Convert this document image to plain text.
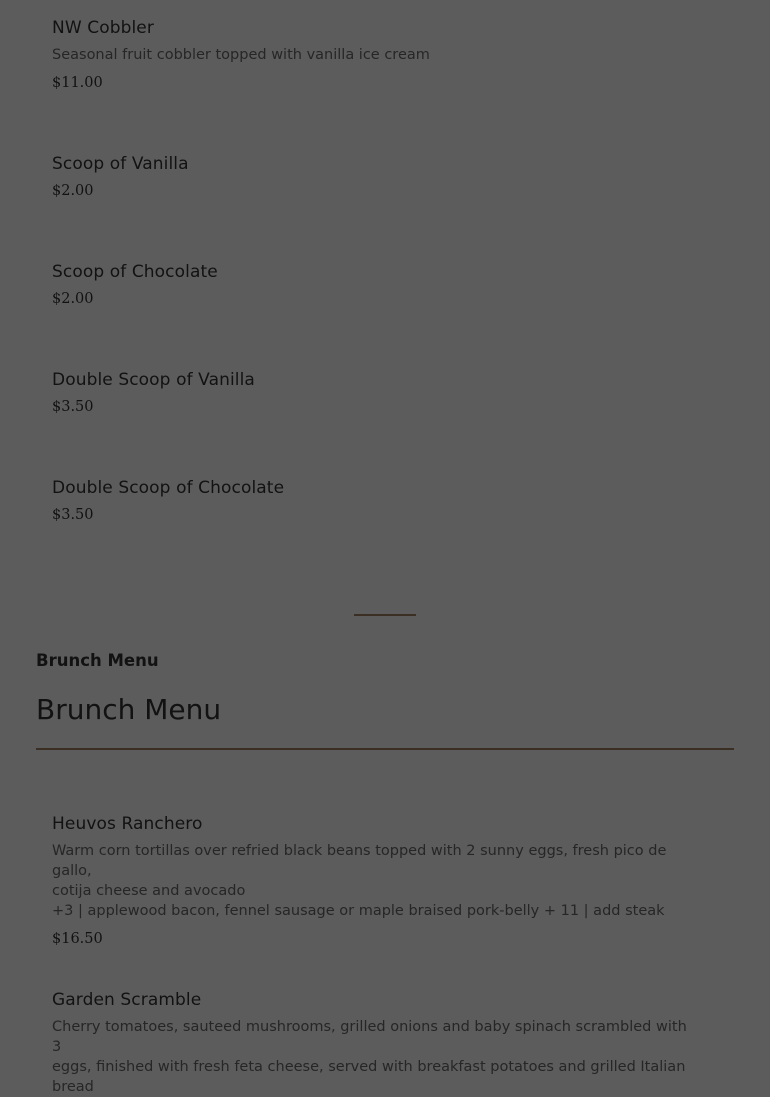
NW Cobbler
Seasonal fruit cobbler topped with vanilla ice cream
$11.00
Scoop of Vanilla
$2.00
Scoop of Chocolate
$2.00
Double Scoop of Vanilla
$3.50
Double Scoop of Chocolate
$3.50
Brunch Menu
Brunch Menu
Heuvos Ranchero
Warm corn tortillas over refried black beans topped with 2 sunny eggs, fresh pico de gallo,
cotija cheese and avocado
+3 | applewood bacon, fennel sausage or maple braised pork-belly + 11 | add steak
$16.50
Garden Scramble
Cherry tomatoes, sauteed mushrooms, grilled onions and baby spinach scrambled with 3
eggs, finished with fresh feta cheese, served with breakfast potatoes and grilled Italian
bread
